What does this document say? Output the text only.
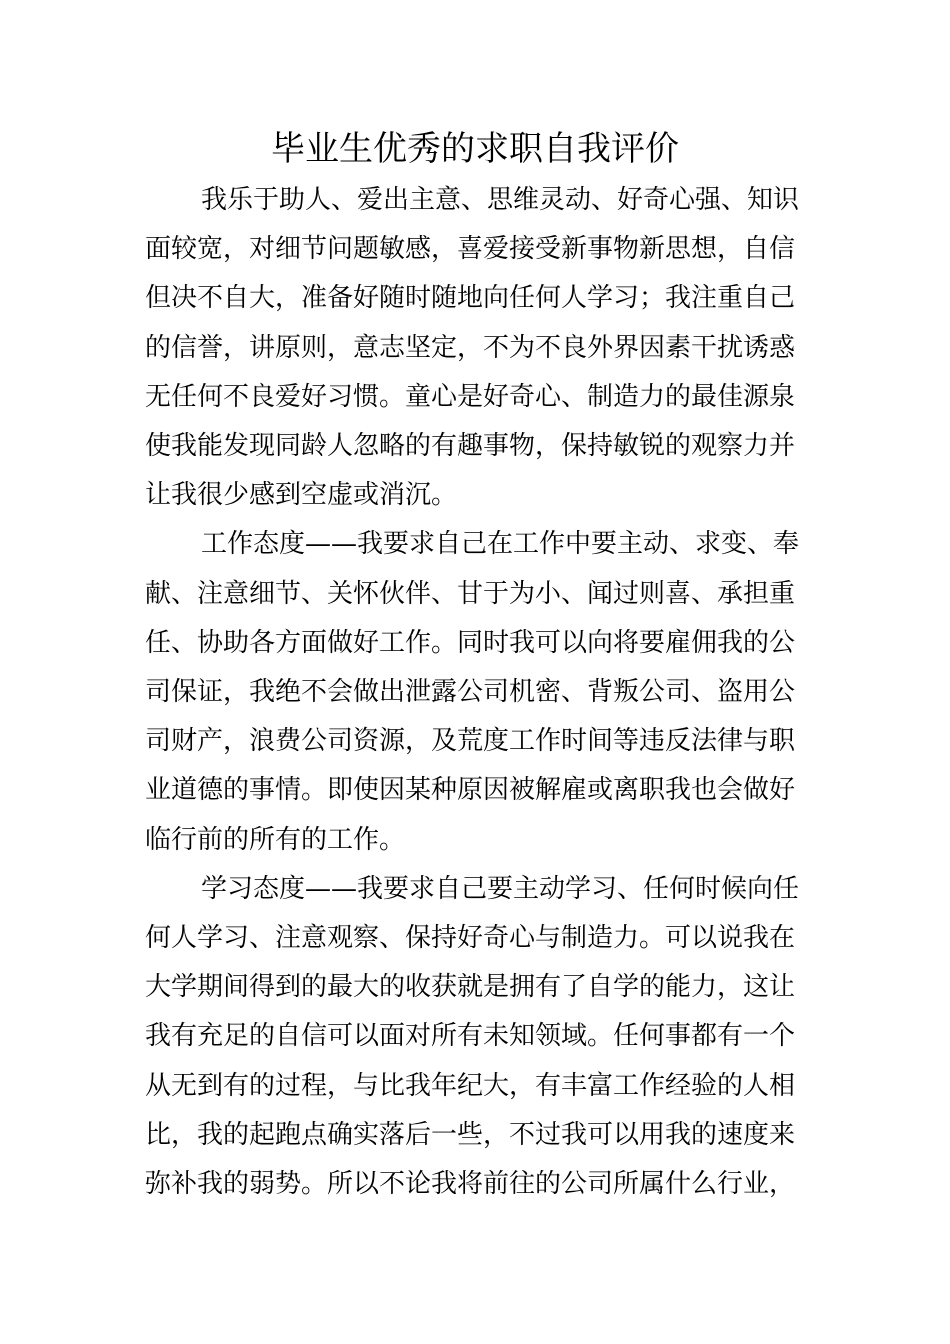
毕业生优秀的求职自我评价

我乐于助人、爱出主意、思维灵动、好奇心强、知识
面较宽，对细节问题敏感，喜爱接受新事物新思想，自信
但决不自大，准备好随时随地向任何人学习；我注重自己
的信誉，讲原则，意志坚定，不为不良外界因素干扰诱惑
无任何不良爱好习惯。童心是好奇心、制造力的最佳源泉
使我能发现同龄人忽略的有趣事物，保持敏锐的观察力并
让我很少感到空虚或消沉。

工作态度——我要求自己在工作中要主动、求变、奉
献、注意细节、关怀伙伴、甘于为小、闻过则喜、承担重
任、协助各方面做好工作。同时我可以向将要雇佣我的公
司保证，我绝不会做出泄露公司机密、背叛公司、盗用公
司财产，浪费公司资源，及荒度工作时间等违反法律与职
业道德的事情。即使因某种原因被解雇或离职我也会做好
临行前的所有的工作。

学习态度——我要求自己要主动学习、任何时候向任
何人学习、注意观察、保持好奇心与制造力。可以说我在
大学期间得到的最大的收获就是拥有了自学的能力，这让
我有充足的自信可以面对所有未知领域。任何事都有一个
从无到有的过程，与比我年纪大，有丰富工作经验的人相
比，我的起跑点确实落后一些，不过我可以用我的速度来
弥补我的弱势。所以不论我将前往的公司所属什么行业，
